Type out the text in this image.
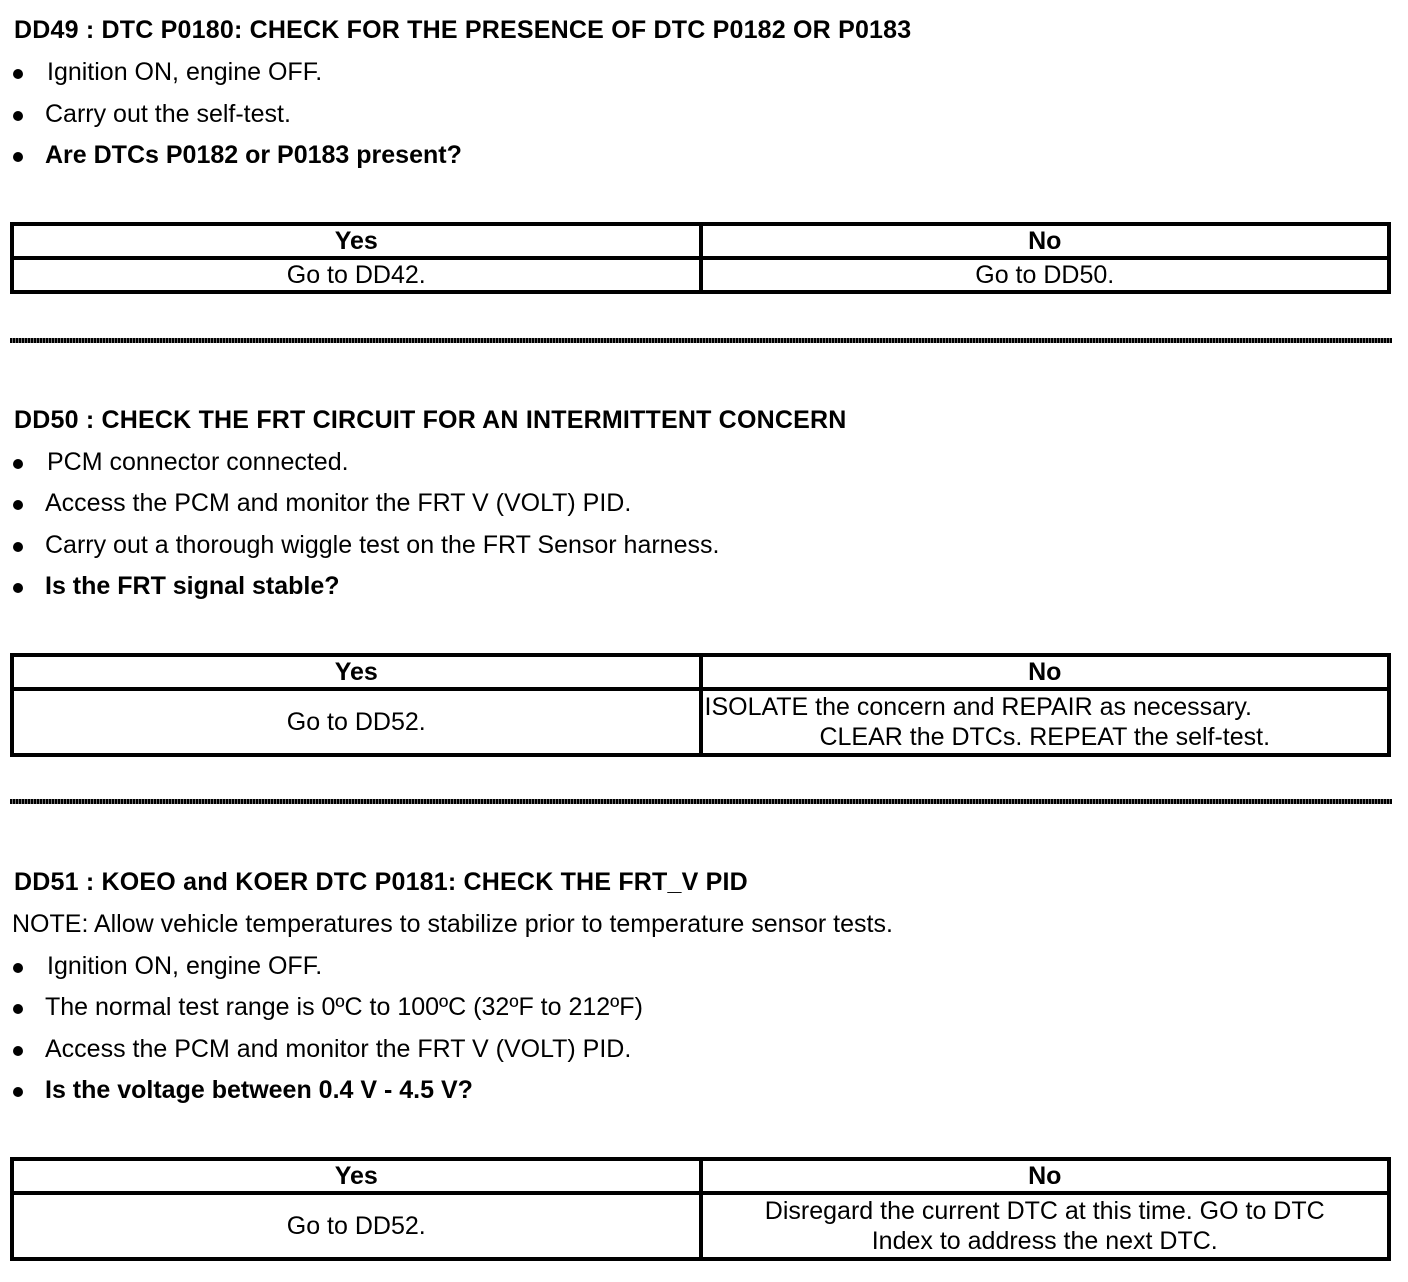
DD49 : DTC P0180: CHECK FOR THE PRESENCE OF DTC P0182 OR P0183
Ignition ON, engine OFF.
Carry out the self-test.
Are DTCs P0182 or P0183 present?
Yes	No
Go to DD42.	Go to DD50.
DD50 : CHECK THE FRT CIRCUIT FOR AN INTERMITTENT CONCERN
PCM connector connected.
Access the PCM and monitor the FRT V (VOLT) PID.
Carry out a thorough wiggle test on the FRT Sensor harness.
Is the FRT signal stable?
Yes	No
Go to DD52.	ISOLATE the concern and REPAIR as necessary.
CLEAR the DTCs. REPEAT the self-test.
DD51 : KOEO and KOER DTC P0181: CHECK THE FRT_V PID
NOTE: Allow vehicle temperatures to stabilize prior to temperature sensor tests.
Ignition ON, engine OFF.
The normal test range is 0ºC to 100ºC (32ºF to 212ºF)
Access the PCM and monitor the FRT V (VOLT) PID.
Is the voltage between 0.4 V - 4.5 V?
Yes	No
Go to DD52.	Disregard the current DTC at this time. GO to DTC
Index to address the next DTC.
